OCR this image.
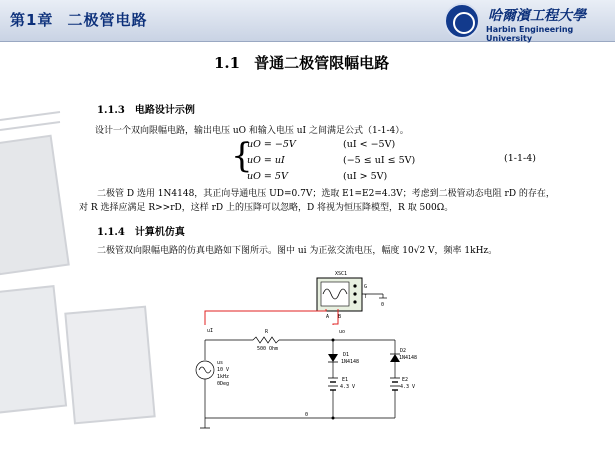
第1章 二极管电路	哈爾濱工程大學
Harbin Engineering University
1.1 普通二极管限幅电路
1.1.3 电路设计示例
设计一个双向限幅电路，输出电压 uO 和输入电压 uI 之间满足公式（1-1-4）。
{
uO = −5V	(uI < −5V)
uO = uI	(−5 ≤ uI ≤ 5V)
uO = 5V	(uI > 5V)
(1-1-4)
二极管 D 选用 1N4148，其正向导通电压 UD=0.7V；选取 E1=E2=4.3V；考虑到二极管动态电阻 rD 的存在，
对 R 选择应满足 R>>rD，这样 rD 上的压降可以忽略，D 将视为恒压降模型，R 取 500Ω。
1.1.4 计算机仿真
二极管双向限幅电路的仿真电路如下图所示。图中 ui 为正弦交流电压，幅度 10√2 V，频率 1kHz。
XSC1
A B
G
T
0
uI	uo
R
500 Ohm
us
10 V
1kHz
0Deg
D1
1N4148
E1
4.3 V
D2
1N4148
E2
4.3 V
0
